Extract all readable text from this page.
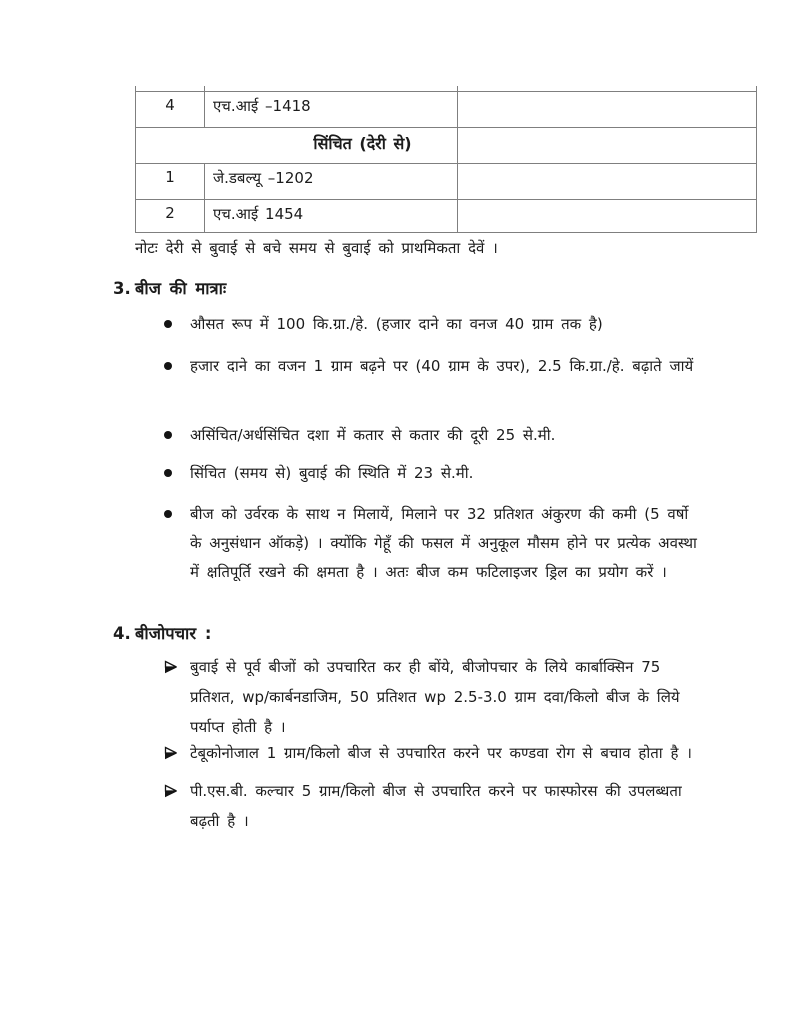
4	एच.आई –1418	
सिंचित (देरी से)		
1	जे.डबल्यू –1202	
2	एच.आई 1454	
नोटः देरी से बुवाई से बचे समय से बुवाई को प्राथमिकता देवें ।
3. बीज की मात्राः

औसत रूप में 100 कि.ग्रा./हे. (हजार दाने का वनज 40 ग्राम तक है)

हजार दाने का वजन 1 ग्राम बढ़ने पर (40 ग्राम के उपर), 2.5 कि.ग्रा./हे. बढ़ाते जायें

असिंचित/अर्धसिंचित दशा में कतार से कतार की दूरी 25 से.मी.

सिंचित (समय से) बुवाई की स्थिति में 23 से.मी.

बीज को उर्वरक के साथ न मिलायें, मिलाने पर 32 प्रतिशत अंकुरण की कमी (5 वर्षो के अनुसंधान ऑकड़े) । क्योंकि गेहूँ की फसल में अनुकूल मौसम होने पर प्रत्येक अवस्था में क्षतिपूर्ति रखने की क्षमता है । अतः बीज कम फटिलाइजर ड्रिल का प्रयोग करें ।

4. बीजोपचार :

बुवाई से पूर्व बीजों को उपचारित कर ही बोंये, बीजोपचार के लिये कार्बाक्सिन 75 प्रतिशत, wp/कार्बनडाजिम, 50 प्रतिशत wp 2.5-3.0 ग्राम दवा/किलो बीज के लिये पर्याप्त होती है ।

टेबूकोनोजाल 1 ग्राम/किलो बीज से उपचारित करने पर कण्डवा रोग से बचाव होता है ।

पी.एस.बी. कल्चार 5 ग्राम/किलो बीज से उपचारित करने पर फास्फोरस की उपलब्धता बढ़ती है ।
